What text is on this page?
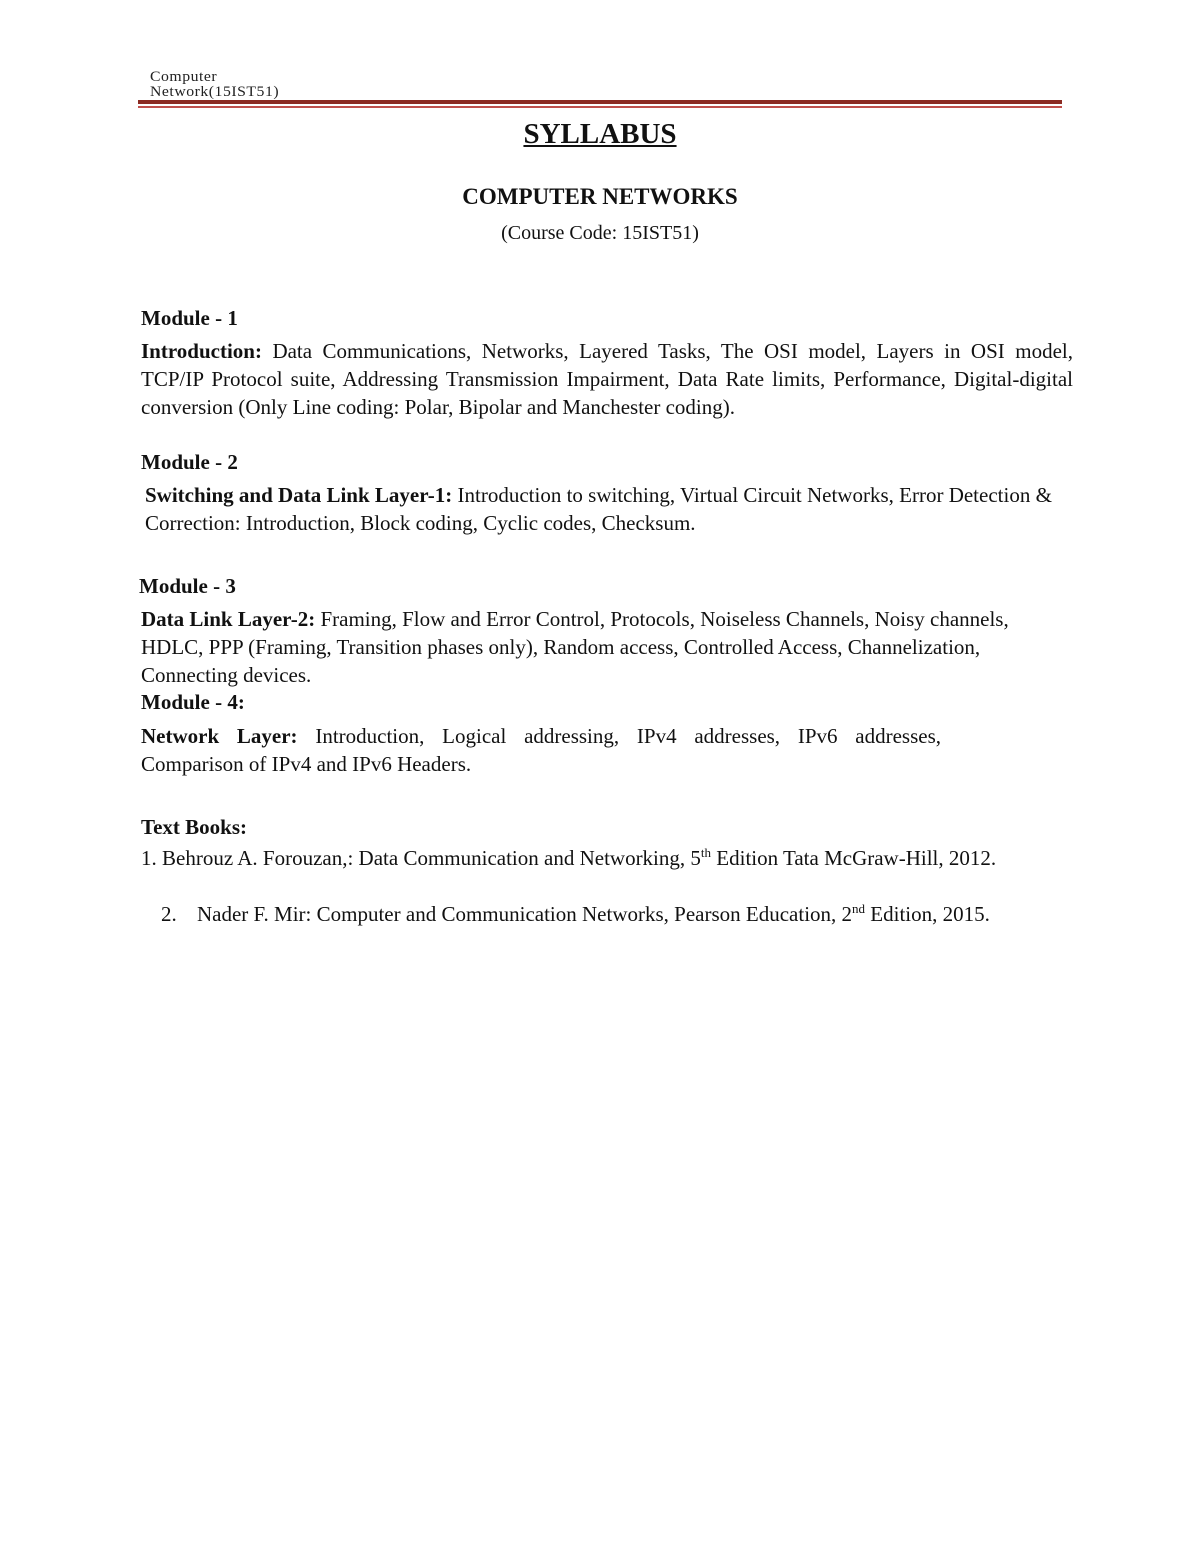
Computer
Network(15IST51)
SYLLABUS
COMPUTER NETWORKS
(Course Code: 15IST51)
Module - 1
Introduction: Data Communications, Networks, Layered Tasks, The OSI model, Layers in OSI model, TCP/IP Protocol suite, Addressing Transmission Impairment, Data Rate limits, Performance, Digital-digital conversion (Only Line coding: Polar, Bipolar and Manchester coding).
Module - 2
Switching and Data Link Layer-1: Introduction to switching, Virtual Circuit Networks, Error Detection & Correction: Introduction, Block coding, Cyclic codes, Checksum.
Module - 3
Data Link Layer-2: Framing, Flow and Error Control, Protocols, Noiseless Channels, Noisy channels, HDLC, PPP (Framing, Transition phases only), Random access, Controlled Access, Channelization, Connecting devices.
Module - 4:
Network Layer: Introduction, Logical addressing, IPv4 addresses, IPv6 addresses, Comparison of IPv4 and IPv6 Headers.
Text Books:
1. Behrouz A. Forouzan,: Data Communication and Networking, 5th Edition Tata McGraw-Hill, 2012.
2. Nader F. Mir: Computer and Communication Networks, Pearson Education, 2nd Edition, 2015.
